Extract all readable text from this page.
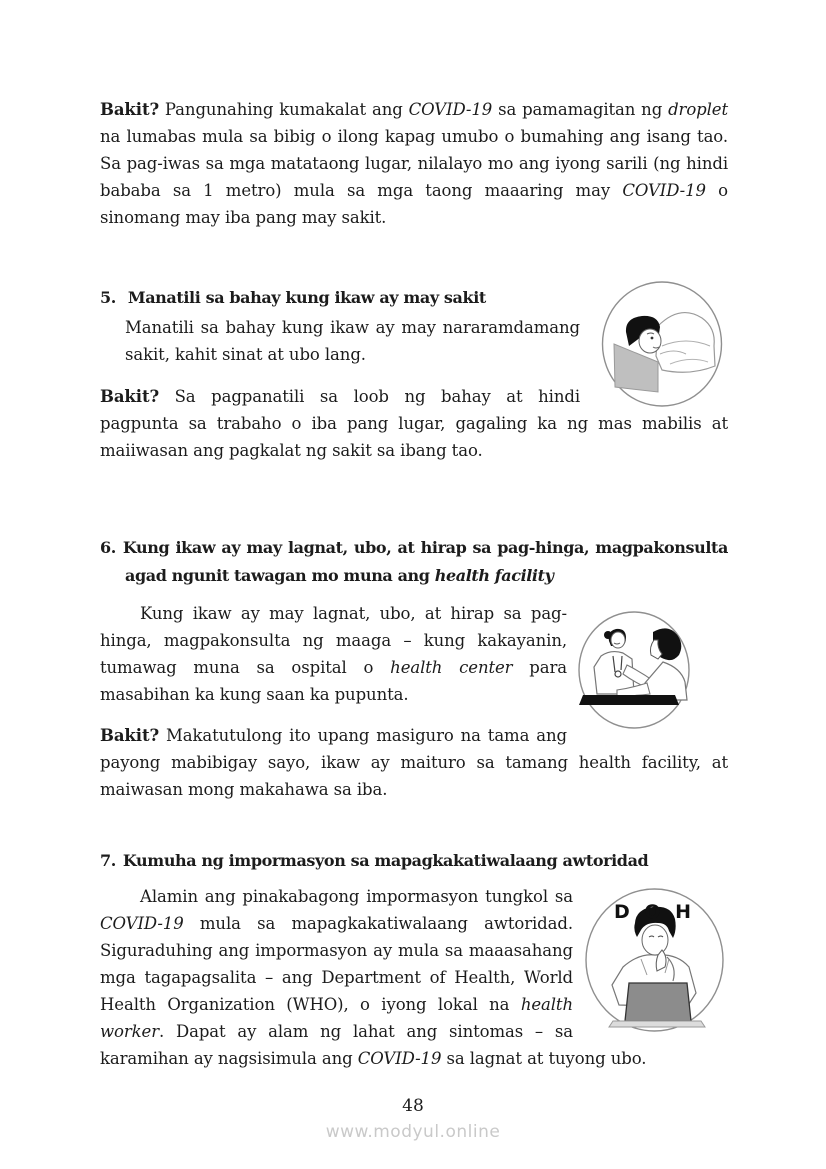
Bakit? Pangunahing kumakalat ang COVID-19 sa pamamagitan ng droplet na lumabas mula sa bibig o ilong kapag umubo o bumahing ang isang tao. Sa pag-iwas sa mga matataong lugar, nilalayo mo ang iyong sarili (ng hindi bababa sa 1 metro) mula sa mga taong maaaring may COVID-19 o sinomang may iba pang may sakit.

5. Manatili sa bahay kung ikaw ay may sakit

Manatili sa bahay kung ikaw ay may nararamdamang sakit, kahit sinat at ubo lang.

Bakit? Sa pagpanatili sa loob ng bahay at hindi pagpunta sa trabaho o iba pang lugar, gagaling ka ng mas mabilis at maiiwasan ang pagkalat ng sakit sa ibang tao.

6. Kung ikaw ay may lagnat, ubo, at hirap sa pag-hinga, magpakonsulta agad ngunit tawagan mo muna ang health facility

Kung ikaw ay may lagnat, ubo, at hirap sa pag-hinga, magpakonsulta ng maaga – kung kakayanin, tumawag muna sa ospital o health center para masabihan ka kung saan ka pupunta.

Bakit? Makatutulong ito upang masiguro na tama ang payong mabibigay sayo, ikaw ay maituro sa tamang health facility, at maiwasan mong makahawa sa iba.

7. Kumuha ng impormasyon sa mapagkakatiwalaang awtoridad
D O H

Alamin ang pinakabagong impormasyon tungkol sa COVID-19 mula sa mapagkakatiwalaang awtoridad. Siguraduhing ang impormasyon ay mula sa maaasahang mga tagapagsalita – ang Department of Health, World Health Organization (WHO), o iyong lokal na health worker. Dapat ay alam ng lahat ang sintomas – sa karamihan ay nagsisimula ang COVID-19 sa lagnat at tuyong ubo.

48
www.modyul.online
